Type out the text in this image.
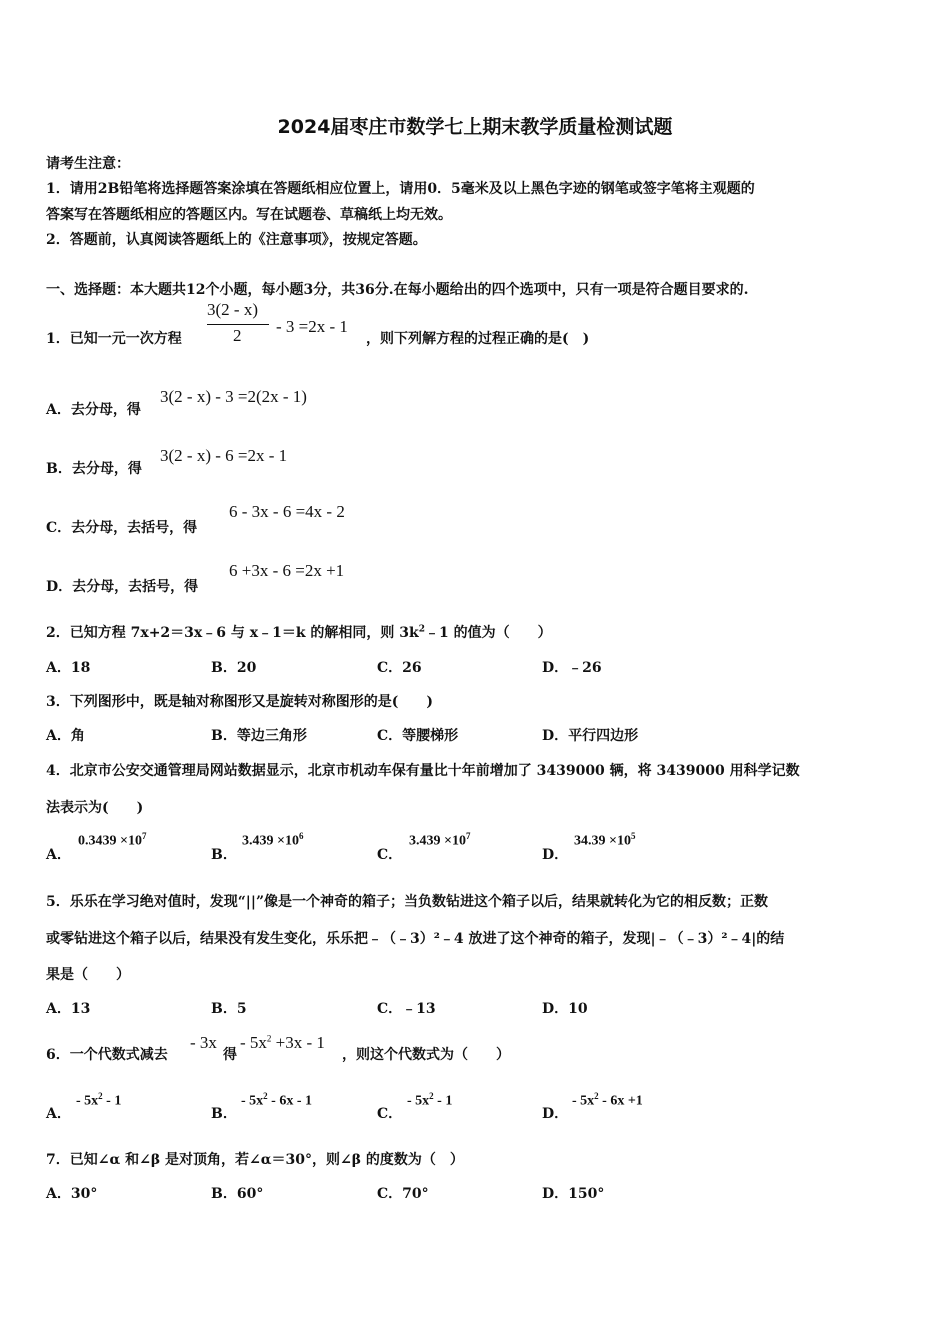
2024届枣庄市数学七上期末教学质量检测试题
请考生注意：
1．请用2B铅笔将选择题答案涂填在答题纸相应位置上，请用0．5毫米及以上黑色字迹的钢笔或签字笔将主观题的
答案写在答题纸相应的答题区内。写在试题卷、草稿纸上均无效。
2．答题前，认真阅读答题纸上的《注意事项》，按规定答题。
一、选择题：本大题共12个小题，每小题3分，共36分.在每小题给出的四个选项中，只有一项是符合题目要求的.
1．已知一元一次方程
3(2 - x)
2 - 3 =2x - 1
，则下列解方程的过程正确的是(　)
A．去分母，得
3(2 - x) - 3 =2(2x - 1)
B．去分母，得
3(2 - x) - 6 =2x - 1
C．去分母，去括号，得
6 - 3x - 6 =4x - 2
D．去分母，去括号，得
6 +3x - 6 =2x +1
2．已知方程 7x+2＝3x﹣6 与 x﹣1＝k 的解相同，则 $3k^2﹣1$ 的值为（　　）
A．18	B．20	C．26	D．﹣26
3．下列图形中，既是轴对称图形又是旋转对称图形的是(　　)
A．角	B．等边三角形	C．等腰梯形	D．平行四边形
4．北京市公安交通管理局网站数据显示，北京市机动车保有量比十年前增加了 3439000 辆，将 3439000 用科学记数
法表示为(　　)
A．
$0.3439 \times 10^7$
B．
$3.439 \times 10^6$
C．
$3.439 \times 10^7$
D．
$34.39 \times 10^5$
5．乐乐在学习绝对值时，发现“||”像是一个神奇的箱子；当负数钻进这个箱子以后，结果就转化为它的相反数；正数
或零钻进这个箱子以后，结果没有发生变化，乐乐把﹣（﹣3）²﹣4 放进了这个神奇的箱子，发现|﹣（﹣3）²﹣4|的结
果是（　　）
A．13	B．5	C．﹣13	D．10
6．一个代数式减去
- 3x
得
- $5x^2 +3x - 1$
，则这个代数式为（　　）
A．
- $5x^2 - 1$
B．
- $5x^2 - 6x - 1$
C．
- $5x^2 - 1$
D．
- $5x^2 - 6x +1$
7．已知∠α 和∠β 是对顶角，若∠α＝30°，则∠β 的度数为（　）
A．30°	B．60°	C．70°	D．150°
